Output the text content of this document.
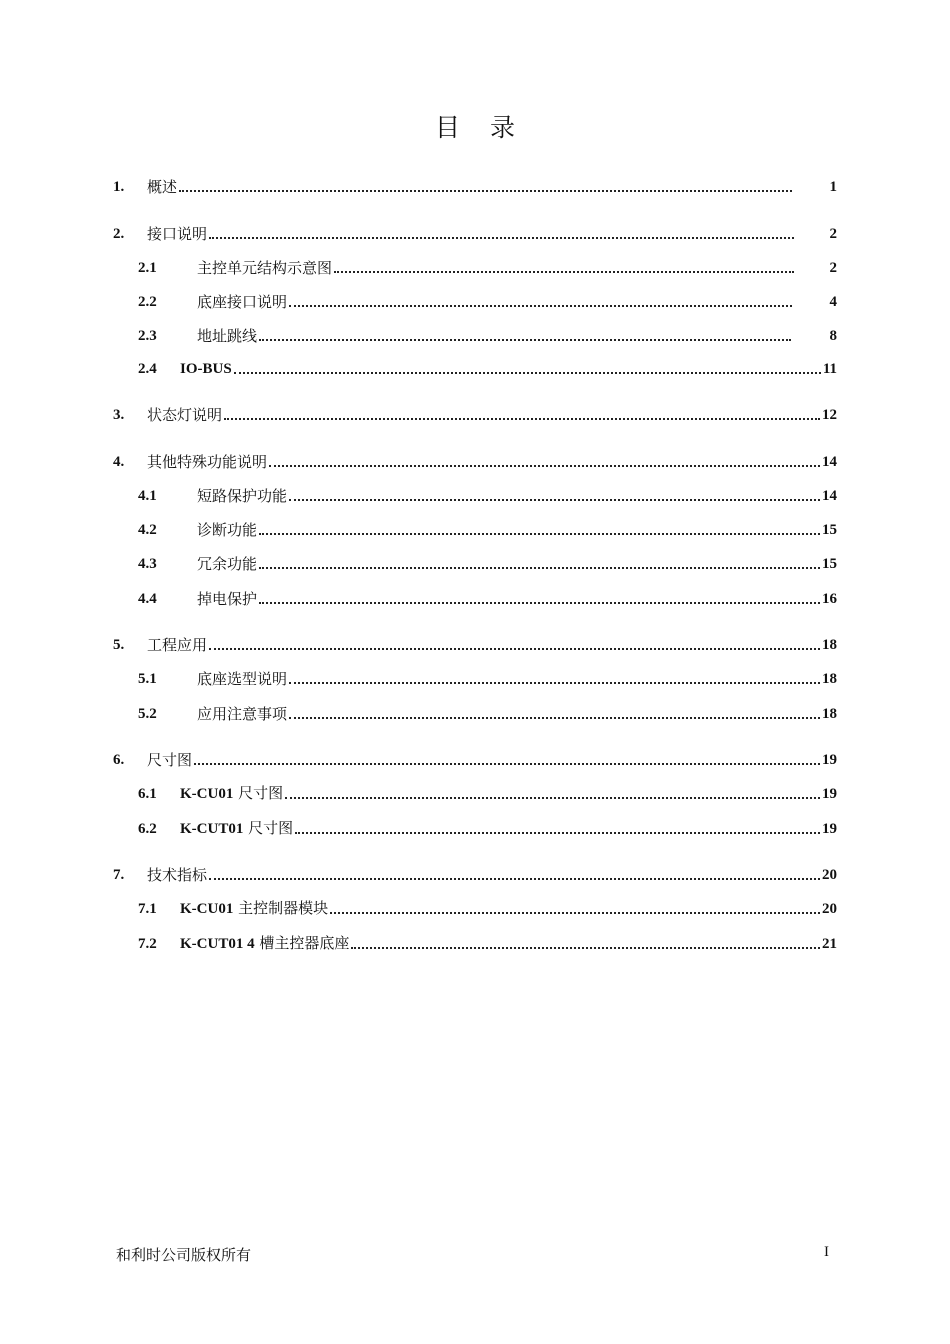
目 录
1.	概述	1
2.	接口说明	2
2.1	主控单元结构示意图	2
2.2	底座接口说明	4
2.3	地址跳线	8
2.4	IO-BUS	11
3.	状态灯说明	12
4.	其他特殊功能说明	14
4.1	短路保护功能	14
4.2	诊断功能	15
4.3	冗余功能	15
4.4	掉电保护	16
5.	工程应用	18
5.1	底座选型说明	18
5.2	应用注意事项	18
6.	尺寸图	19
6.1	K-CU01 尺寸图	19
6.2	K-CUT01 尺寸图	19
7.	技术指标	20
7.1	K-CU01 主控制器模块	20
7.2	K-CUT01 4 槽主控器底座	21
和利时公司版权所有	I
